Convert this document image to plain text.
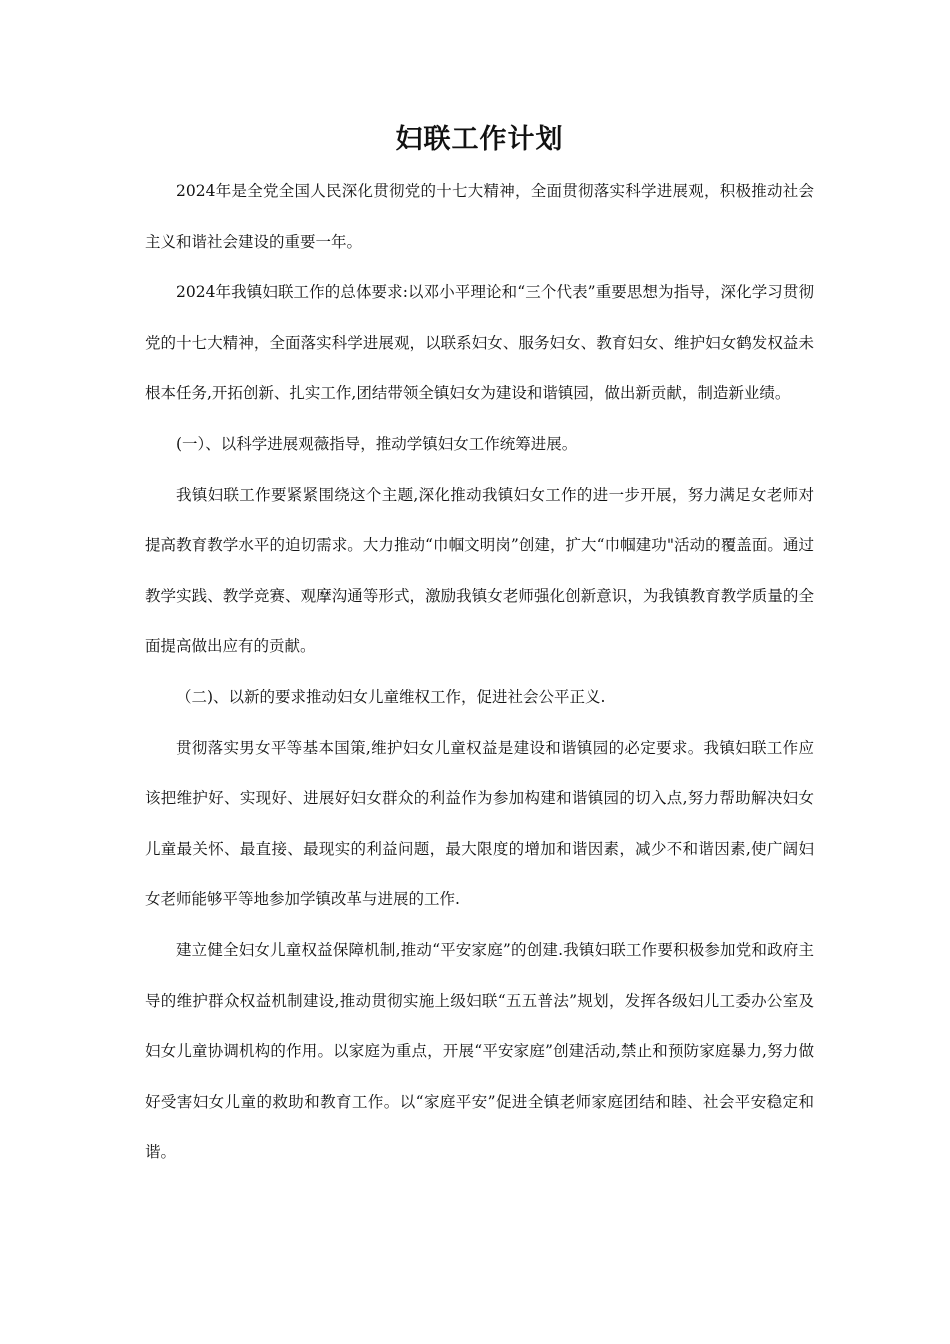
妇联工作计划

2024年是全党全国人民深化贯彻党的十七大精神，全面贯彻落实科学进展观，积极推动社会主义和谐社会建设的重要一年。

2024年我镇妇联工作的总体要求:以邓小平理论和“三个代表”重要思想为指导，深化学习贯彻党的十七大精神，全面落实科学进展观，以联系妇女、服务妇女、教育妇女、维护妇女鹤发权益未根本任务,开拓创新、扎实工作,团结带领全镇妇女为建设和谐镇园，做出新贡献，制造新业绩。

(一）、以科学进展观薇指导，推动学镇妇女工作统筹进展。

我镇妇联工作要紧紧围绕这个主题,深化推动我镇妇女工作的进一步开展，努力满足女老师对提高教育教学水平的迫切需求。大力推动“巾帼文明岗”创建，扩大“巾帼建功"活动的覆盖面。通过教学实践、教学竞赛、观摩沟通等形式，激励我镇女老师强化创新意识，为我镇教育教学质量的全面提高做出应有的贡献。

（二)、以新的要求推动妇女儿童维权工作，促进社会公平正义.

贯彻落实男女平等基本国策,维护妇女儿童权益是建设和谐镇园的必定要求。我镇妇联工作应该把维护好、实现好、进展好妇女群众的利益作为参加构建和谐镇园的切入点,努力帮助解决妇女儿童最关怀、最直接、最现实的利益问题，最大限度的增加和谐因素，减少不和谐因素,使广阔妇女老师能够平等地参加学镇改革与进展的工作.

建立健全妇女儿童权益保障机制,推动“平安家庭”的创建.我镇妇联工作要积极参加党和政府主导的维护群众权益机制建设,推动贯彻实施上级妇联“五五普法”规划，发挥各级妇儿工委办公室及妇女儿童协调机构的作用。以家庭为重点，开展“平安家庭”创建活动,禁止和预防家庭暴力,努力做好受害妇女儿童的救助和教育工作。以“家庭平安”促进全镇老师家庭团结和睦、社会平安稳定和谐。
